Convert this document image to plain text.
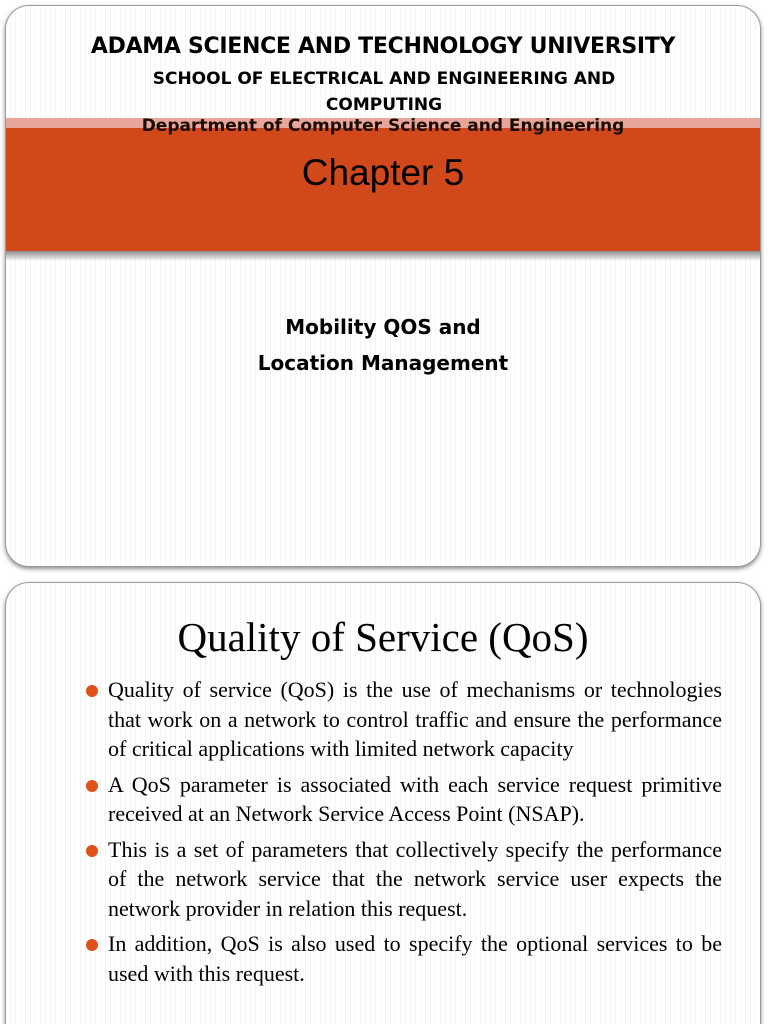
ADAMA SCIENCE AND TECHNOLOGY UNIVERSITY
SCHOOL OF ELECTRICAL AND ENGINEERING AND COMPUTING
Department of Computer Science and Engineering
Chapter 5
Mobility QOS and
Location Management
Quality of Service (QoS)
Quality of service (QoS) is the use of mechanisms or technologies that work on a network to control traffic and ensure the performance of critical applications with limited network capacity
A QoS parameter is associated with each service request primitive received at an Network Service Access Point (NSAP).
This is a set of parameters that collectively specify the performance of the network service that the network service user expects the network provider in relation this request.
In addition, QoS is also used to specify the optional services to be used with this request.
